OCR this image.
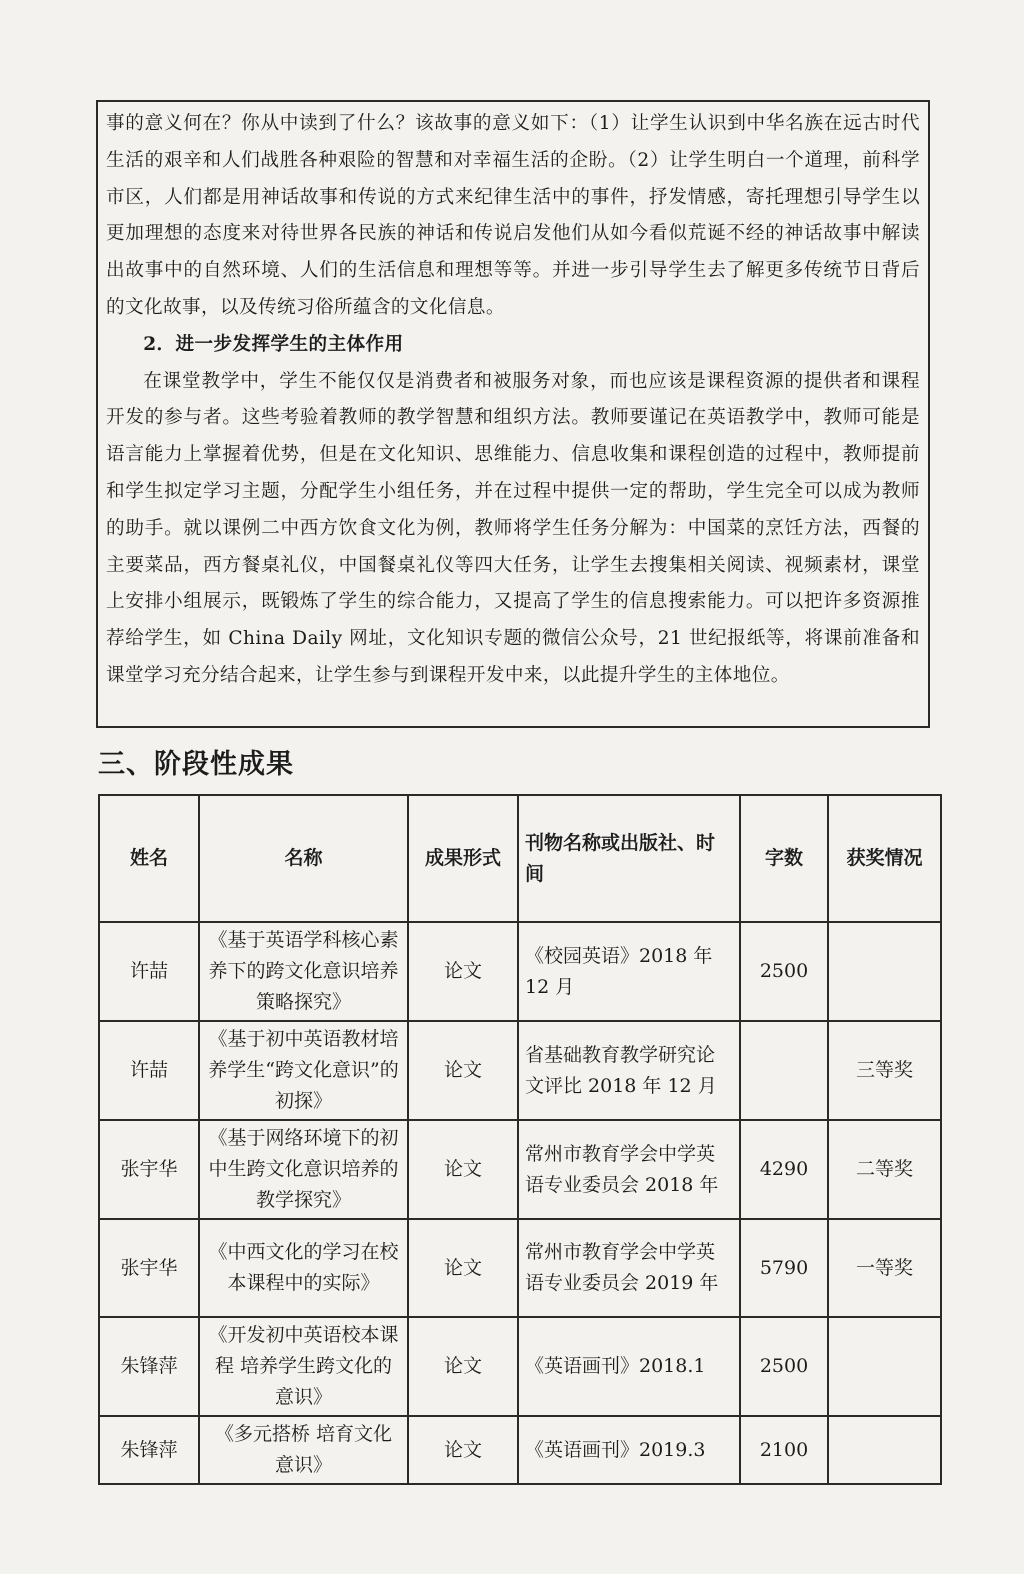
事的意义何在？你从中读到了什么？该故事的意义如下：（1）让学生认识到中华名族在远古时代生活的艰辛和人们战胜各种艰险的智慧和对幸福生活的企盼。（2）让学生明白一个道理，前科学市区，人们都是用神话故事和传说的方式来纪律生活中的事件，抒发情感，寄托理想引导学生以更加理想的态度来对待世界各民族的神话和传说启发他们从如今看似荒诞不经的神话故事中解读出故事中的自然环境、人们的生活信息和理想等等。并进一步引导学生去了解更多传统节日背后的文化故事，以及传统习俗所蕴含的文化信息。

2．进一步发挥学生的主体作用

在课堂教学中，学生不能仅仅是消费者和被服务对象，而也应该是课程资源的提供者和课程开发的参与者。这些考验着教师的教学智慧和组织方法。教师要谨记在英语教学中，教师可能是语言能力上掌握着优势，但是在文化知识、思维能力、信息收集和课程创造的过程中，教师提前和学生拟定学习主题，分配学生小组任务，并在过程中提供一定的帮助，学生完全可以成为教师的助手。就以课例二中西方饮食文化为例，教师将学生任务分解为：中国菜的烹饪方法，西餐的主要菜品，西方餐桌礼仪，中国餐桌礼仪等四大任务，让学生去搜集相关阅读、视频素材，课堂上安排小组展示，既锻炼了学生的综合能力，又提高了学生的信息搜索能力。可以把许多资源推荐给学生，如 China Daily 网址，文化知识专题的微信公众号，21 世纪报纸等，将课前准备和课堂学习充分结合起来，让学生参与到课程开发中来，以此提升学生的主体地位。

三、阶段性成果
姓名	名称	成果形式	刊物名称或出版社、时间	字数	获奖情况
许喆	《基于英语学科核心素养下的跨文化意识培养策略探究》	论文	《校园英语》2018 年 12 月	2500	
许喆	《基于初中英语教材培养学生“跨文化意识”的初探》	论文	省基础教育教学研究论文评比 2018 年 12 月		三等奖
张宇华	《基于网络环境下的初中生跨文化意识培养的教学探究》	论文	常州市教育学会中学英语专业委员会 2018 年	4290	二等奖
张宇华	《中西文化的学习在校本课程中的实际》	论文	常州市教育学会中学英语专业委员会 2019 年	5790	一等奖
朱锋萍	《开发初中英语校本课程 培养学生跨文化的意识》	论文	《英语画刊》2018.1	2500	
朱锋萍	《多元搭桥 培育文化意识》	论文	《英语画刊》2019.3	2100	
